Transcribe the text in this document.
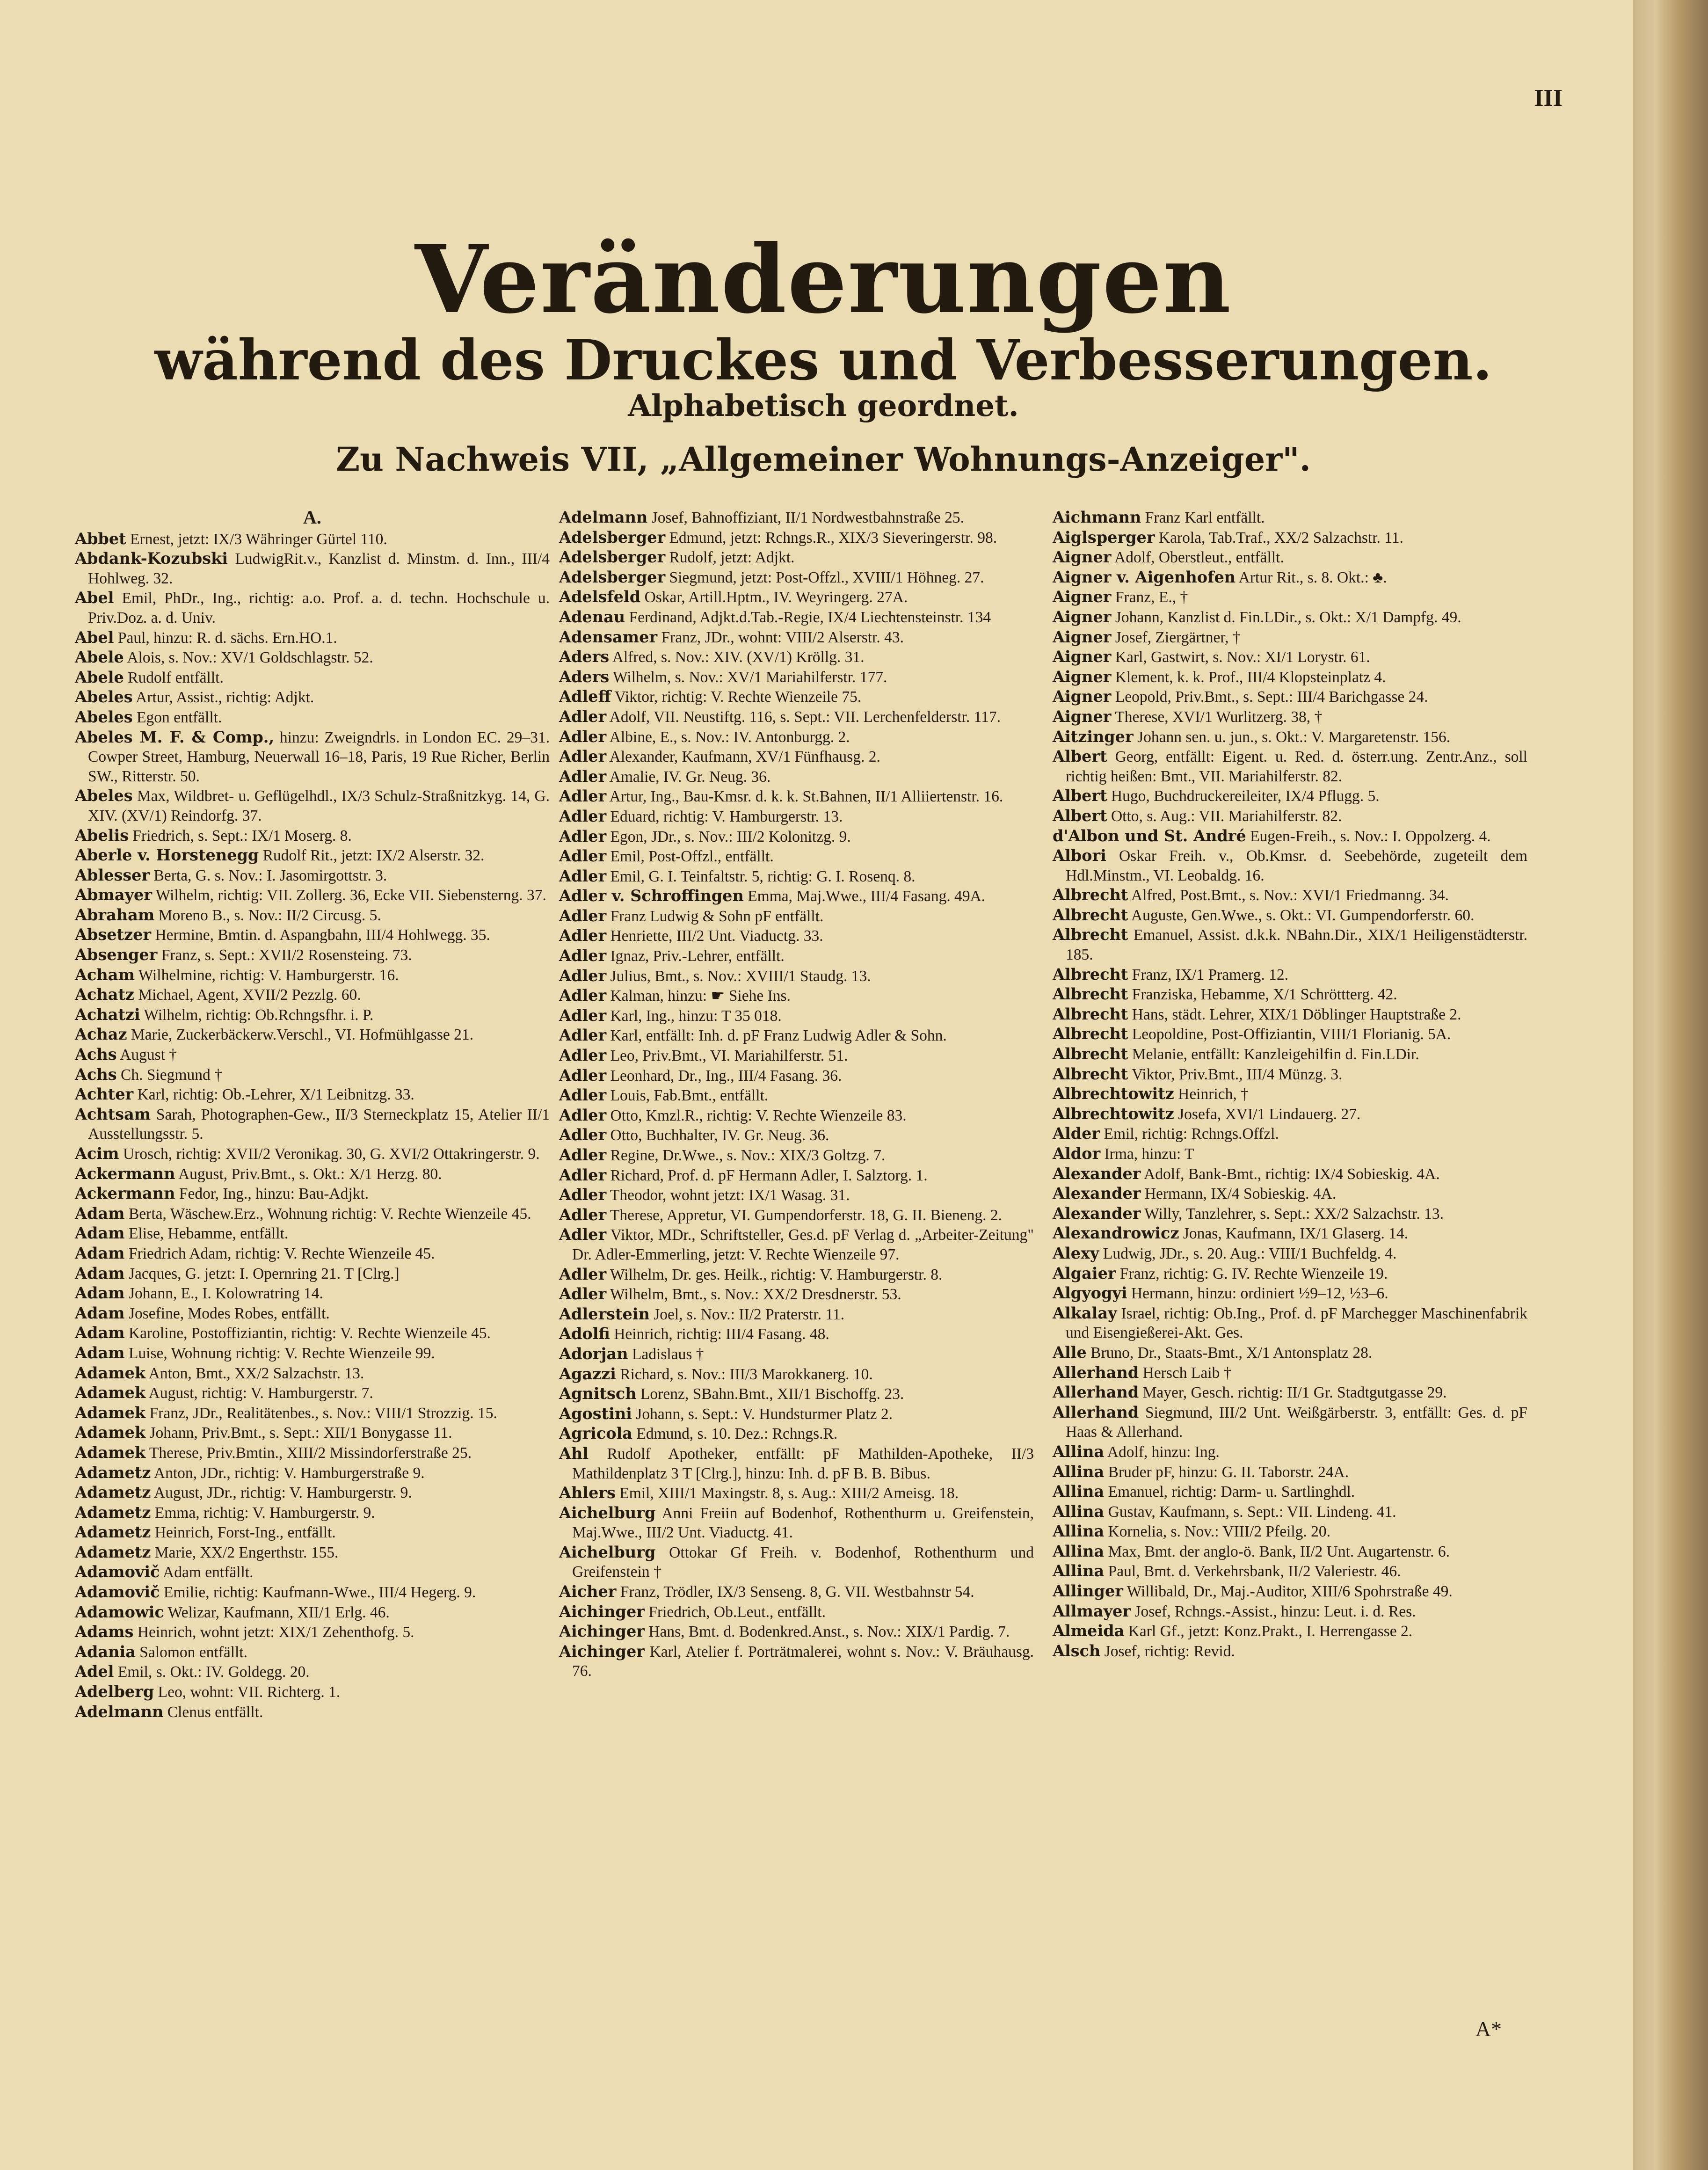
III
Veränderungen
während des Druckes und Verbesserungen.
Alphabetisch geordnet.
Zu Nachweis VII, „Allgemeiner Wohnungs-Anzeiger".
A.

Abbet Ernest, jetzt: IX/3 Währinger Gürtel 110.

Abdank-Kozubski LudwigRit.v., Kanzlist d. Minstm. d. Inn., III/4 Hohlweg. 32.

Abel Emil, PhDr., Ing., richtig: a.o. Prof. a. d. techn. Hochschule u. Priv.Doz. a. d. Univ.

Abel Paul, hinzu: R. d. sächs. Ern.HO.1.

Abele Alois, s. Nov.: XV/1 Goldschlagstr. 52.

Abele Rudolf entfällt.

Abeles Artur, Assist., richtig: Adjkt.

Abeles Egon entfällt.

Abeles M. F. & Comp., hinzu: Zweigndrls. in London EC. 29–31. Cowper Street, Hamburg, Neuerwall 16–18, Paris, 19 Rue Richer, Berlin SW., Ritterstr. 50.

Abeles Max, Wildbret- u. Geflügelhdl., IX/3 Schulz-Straßnitzkyg. 14, G. XIV. (XV/1) Reindorfg. 37.

Abelis Friedrich, s. Sept.: IX/1 Moserg. 8.

Aberle v. Horstenegg Rudolf Rit., jetzt: IX/2 Alserstr. 32.

Ablesser Berta, G. s. Nov.: I. Jasomirgottstr. 3.

Abmayer Wilhelm, richtig: VII. Zollerg. 36, Ecke VII. Siebensterng. 37.

Abraham Moreno B., s. Nov.: II/2 Circusg. 5.

Absetzer Hermine, Bmtin. d. Aspangbahn, III/4 Hohlwegg. 35.

Absenger Franz, s. Sept.: XVII/2 Rosensteing. 73.

Acham Wilhelmine, richtig: V. Hamburgerstr. 16.

Achatz Michael, Agent, XVII/2 Pezzlg. 60.

Achatzi Wilhelm, richtig: Ob.Rchngsfhr. i. P.

Achaz Marie, Zuckerbäckerw.Verschl., VI. Hofmühlgasse 21.

Achs August †

Achs Ch. Siegmund †

Achter Karl, richtig: Ob.-Lehrer, X/1 Leibnitzg. 33.

Achtsam Sarah, Photographen-Gew., II/3 Sterneckplatz 15, Atelier II/1 Ausstellungsstr. 5.

Acim Urosch, richtig: XVII/2 Veronikag. 30, G. XVI/2 Ottakringerstr. 9.

Ackermann August, Priv.Bmt., s. Okt.: X/1 Herzg. 80.

Ackermann Fedor, Ing., hinzu: Bau-Adjkt.

Adam Berta, Wäschew.Erz., Wohnung richtig: V. Rechte Wienzeile 45.

Adam Elise, Hebamme, entfällt.

Adam Friedrich Adam, richtig: V. Rechte Wienzeile 45.

Adam Jacques, G. jetzt: I. Opernring 21. T [Clrg.]

Adam Johann, E., I. Kolowratring 14.

Adam Josefine, Modes Robes, entfällt.

Adam Karoline, Postoffiziantin, richtig: V. Rechte Wienzeile 45.

Adam Luise, Wohnung richtig: V. Rechte Wienzeile 99.

Adamek Anton, Bmt., XX/2 Salzachstr. 13.

Adamek August, richtig: V. Hamburgerstr. 7.

Adamek Franz, JDr., Realitätenbes., s. Nov.: VIII/1 Strozzig. 15.

Adamek Johann, Priv.Bmt., s. Sept.: XII/1 Bonygasse 11.

Adamek Therese, Priv.Bmtin., XIII/2 Missindorferstraße 25.

Adametz Anton, JDr., richtig: V. Hamburgerstraße 9.

Adametz August, JDr., richtig: V. Hamburgerstr. 9.

Adametz Emma, richtig: V. Hamburgerstr. 9.

Adametz Heinrich, Forst-Ing., entfällt.

Adametz Marie, XX/2 Engerthstr. 155.

Adamovič Adam entfällt.

Adamovič Emilie, richtig: Kaufmann-Wwe., III/4 Hegerg. 9.

Adamowic Welizar, Kaufmann, XII/1 Erlg. 46.

Adams Heinrich, wohnt jetzt: XIX/1 Zehenthofg. 5.

Adania Salomon entfällt.

Adel Emil, s. Okt.: IV. Goldegg. 20.

Adelberg Leo, wohnt: VII. Richterg. 1.

Adelmann Clenus entfällt.

Adelmann Josef, Bahnoffiziant, II/1 Nordwestbahnstraße 25.

Adelsberger Edmund, jetzt: Rchngs.R., XIX/3 Sieveringerstr. 98.

Adelsberger Rudolf, jetzt: Adjkt.

Adelsberger Siegmund, jetzt: Post-Offzl., XVIII/1 Höhneg. 27.

Adelsfeld Oskar, Artill.Hptm., IV. Weyringerg. 27A.

Adenau Ferdinand, Adjkt.d.Tab.-Regie, IX/4 Liechtensteinstr. 134

Adensamer Franz, JDr., wohnt: VIII/2 Alserstr. 43.

Aders Alfred, s. Nov.: XIV. (XV/1) Kröllg. 31.

Aders Wilhelm, s. Nov.: XV/1 Mariahilferstr. 177.

Adleff Viktor, richtig: V. Rechte Wienzeile 75.

Adler Adolf, VII. Neustiftg. 116, s. Sept.: VII. Lerchenfelderstr. 117.

Adler Albine, E., s. Nov.: IV. Antonburgg. 2.

Adler Alexander, Kaufmann, XV/1 Fünfhausg. 2.

Adler Amalie, IV. Gr. Neug. 36.

Adler Artur, Ing., Bau-Kmsr. d. k. k. St.Bahnen, II/1 Alliiertenstr. 16.

Adler Eduard, richtig: V. Hamburgerstr. 13.

Adler Egon, JDr., s. Nov.: III/2 Kolonitzg. 9.

Adler Emil, Post-Offzl., entfällt.

Adler Emil, G. I. Teinfaltstr. 5, richtig: G. I. Rosenq. 8.

Adler v. Schroffingen Emma, Maj.Wwe., III/4 Fasang. 49A.

Adler Franz Ludwig & Sohn pF entfällt.

Adler Henriette, III/2 Unt. Viaductg. 33.

Adler Ignaz, Priv.-Lehrer, entfällt.

Adler Julius, Bmt., s. Nov.: XVIII/1 Staudg. 13.

Adler Kalman, hinzu: ☛ Siehe Ins.

Adler Karl, Ing., hinzu: T 35 018.

Adler Karl, entfällt: Inh. d. pF Franz Ludwig Adler & Sohn.

Adler Leo, Priv.Bmt., VI. Mariahilferstr. 51.

Adler Leonhard, Dr., Ing., III/4 Fasang. 36.

Adler Louis, Fab.Bmt., entfällt.

Adler Otto, Kmzl.R., richtig: V. Rechte Wienzeile 83.

Adler Otto, Buchhalter, IV. Gr. Neug. 36.

Adler Regine, Dr.Wwe., s. Nov.: XIX/3 Goltzg. 7.

Adler Richard, Prof. d. pF Hermann Adler, I. Salztorg. 1.

Adler Theodor, wohnt jetzt: IX/1 Wasag. 31.

Adler Therese, Appretur, VI. Gumpendorferstr. 18, G. II. Bieneng. 2.

Adler Viktor, MDr., Schriftsteller, Ges.d. pF Verlag d. „Arbeiter-Zeitung" Dr. Adler-Emmerling, jetzt: V. Rechte Wienzeile 97.

Adler Wilhelm, Dr. ges. Heilk., richtig: V. Hamburgerstr. 8.

Adler Wilhelm, Bmt., s. Nov.: XX/2 Dresdnerstr. 53.

Adlerstein Joel, s. Nov.: II/2 Praterstr. 11.

Adolfi Heinrich, richtig: III/4 Fasang. 48.

Adorjan Ladislaus †

Agazzi Richard, s. Nov.: III/3 Marokkanerg. 10.

Agnitsch Lorenz, SBahn.Bmt., XII/1 Bischoffg. 23.

Agostini Johann, s. Sept.: V. Hundsturmer Platz 2.

Agricola Edmund, s. 10. Dez.: Rchngs.R.

Ahl Rudolf Apotheker, entfällt: pF Mathilden-Apotheke, II/3 Mathildenplatz 3 T [Clrg.], hinzu: Inh. d. pF B. B. Bibus.

Ahlers Emil, XIII/1 Maxingstr. 8, s. Aug.: XIII/2 Ameisg. 18.

Aichelburg Anni Freiin auf Bodenhof, Rothenthurm u. Greifenstein, Maj.Wwe., III/2 Unt. Viaductg. 41.

Aichelburg Ottokar Gf Freih. v. Bodenhof, Rothenthurm und Greifenstein †

Aicher Franz, Trödler, IX/3 Senseng. 8, G. VII. Westbahnstr 54.

Aichinger Friedrich, Ob.Leut., entfällt.

Aichinger Hans, Bmt. d. Bodenkred.Anst., s. Nov.: XIX/1 Pardig. 7.

Aichinger Karl, Atelier f. Porträtmalerei, wohnt s. Nov.: V. Bräuhausg. 76.

Aichmann Franz Karl entfällt.

Aiglsperger Karola, Tab.Traf., XX/2 Salzachstr. 11.

Aigner Adolf, Oberstleut., entfällt.

Aigner v. Aigenhofen Artur Rit., s. 8. Okt.: ♣.

Aigner Franz, E., †

Aigner Johann, Kanzlist d. Fin.LDir., s. Okt.: X/1 Dampfg. 49.

Aigner Josef, Ziergärtner, †

Aigner Karl, Gastwirt, s. Nov.: XI/1 Lorystr. 61.

Aigner Klement, k. k. Prof., III/4 Klopsteinplatz 4.

Aigner Leopold, Priv.Bmt., s. Sept.: III/4 Barichgasse 24.

Aigner Therese, XVI/1 Wurlitzerg. 38, †

Aitzinger Johann sen. u. jun., s. Okt.: V. Margaretenstr. 156.

Albert Georg, entfällt: Eigent. u. Red. d. österr.ung. Zentr.Anz., soll richtig heißen: Bmt., VII. Mariahilferstr. 82.

Albert Hugo, Buchdruckereileiter, IX/4 Pflugg. 5.

Albert Otto, s. Aug.: VII. Mariahilferstr. 82.

d'Albon und St. André Eugen-Freih., s. Nov.: I. Oppolzerg. 4.

Albori Oskar Freih. v., Ob.Kmsr. d. Seebehörde, zugeteilt dem Hdl.Minstm., VI. Leobaldg. 16.

Albrecht Alfred, Post.Bmt., s. Nov.: XVI/1 Friedmanng. 34.

Albrecht Auguste, Gen.Wwe., s. Okt.: VI. Gumpendorferstr. 60.

Albrecht Emanuel, Assist. d.k.k. NBahn.Dir., XIX/1 Heiligenstädterstr. 185.

Albrecht Franz, IX/1 Pramerg. 12.

Albrecht Franziska, Hebamme, X/1 Schröttterg. 42.

Albrecht Hans, städt. Lehrer, XIX/1 Döblinger Hauptstraße 2.

Albrecht Leopoldine, Post-Offiziantin, VIII/1 Florianig. 5A.

Albrecht Melanie, entfällt: Kanzleigehilfin d. Fin.LDir.

Albrecht Viktor, Priv.Bmt., III/4 Münzg. 3.

Albrechtowitz Heinrich, †

Albrechtowitz Josefa, XVI/1 Lindauerg. 27.

Alder Emil, richtig: Rchngs.Offzl.

Aldor Irma, hinzu: T

Alexander Adolf, Bank-Bmt., richtig: IX/4 Sobieskig. 4A.

Alexander Hermann, IX/4 Sobieskig. 4A.

Alexander Willy, Tanzlehrer, s. Sept.: XX/2 Salzachstr. 13.

Alexandrowicz Jonas, Kaufmann, IX/1 Glaserg. 14.

Alexy Ludwig, JDr., s. 20. Aug.: VIII/1 Buchfeldg. 4.

Algaier Franz, richtig: G. IV. Rechte Wienzeile 19.

Algyogyi Hermann, hinzu: ordiniert ½9–12, ½3–6.

Alkalay Israel, richtig: Ob.Ing., Prof. d. pF Marchegger Maschinenfabrik und Eisengießerei-Akt. Ges.

Alle Bruno, Dr., Staats-Bmt., X/1 Antonsplatz 28.

Allerhand Hersch Laib †

Allerhand Mayer, Gesch. richtig: II/1 Gr. Stadtgutgasse 29.

Allerhand Siegmund, III/2 Unt. Weißgärberstr. 3, entfällt: Ges. d. pF Haas & Allerhand.

Allina Adolf, hinzu: Ing.

Allina Bruder pF, hinzu: G. II. Taborstr. 24A.

Allina Emanuel, richtig: Darm- u. Sartlinghdl.

Allina Gustav, Kaufmann, s. Sept.: VII. Lindeng. 41.

Allina Kornelia, s. Nov.: VIII/2 Pfeilg. 20.

Allina Max, Bmt. der anglo-ö. Bank, II/2 Unt. Augartenstr. 6.

Allina Paul, Bmt. d. Verkehrsbank, II/2 Valeriestr. 46.

Allinger Willibald, Dr., Maj.-Auditor, XIII/6 Spohrstraße 49.

Allmayer Josef, Rchngs.-Assist., hinzu: Leut. i. d. Res.

Almeida Karl Gf., jetzt: Konz.Prakt., I. Herrengasse 2.

Alsch Josef, richtig: Revid.

A*
